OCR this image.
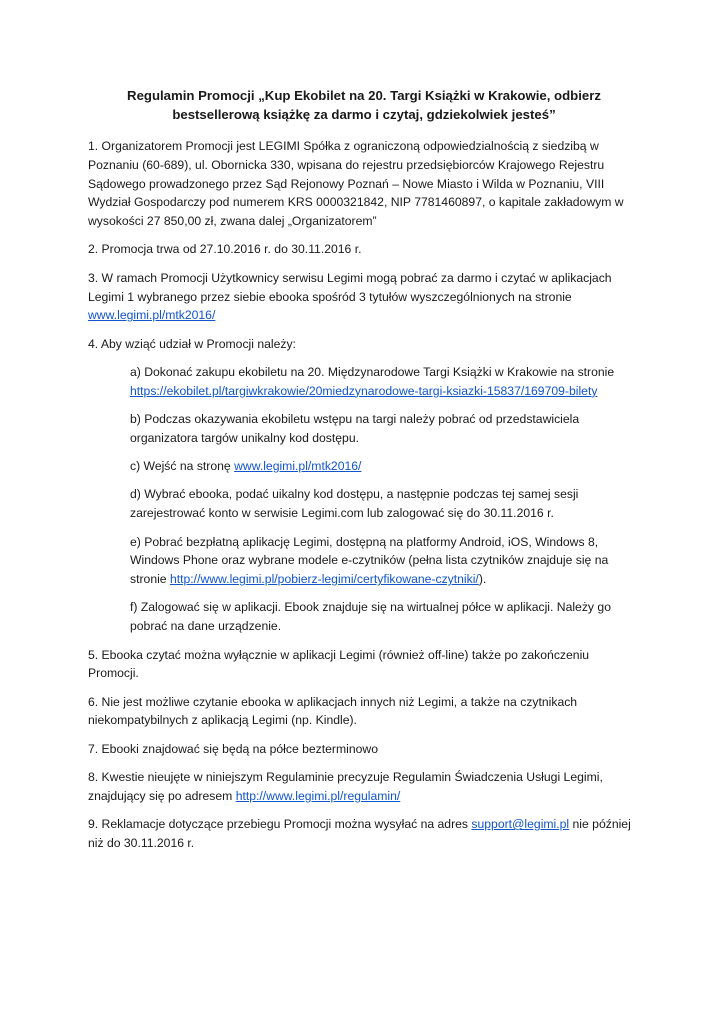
Regulamin Promocji „Kup Ekobilet na 20. Targi Książki w Krakowie, odbierz bestsellerową książkę za darmo i czytaj, gdziekolwiek jesteś”

1. Organizatorem Promocji jest LEGIMI Spółka z ograniczoną odpowiedzialnością z siedzibą w Poznaniu (60-689), ul. Obornicka 330, wpisana do rejestru przedsiębiorców Krajowego Rejestru Sądowego prowadzonego przez Sąd Rejonowy Poznań – Nowe Miasto i Wilda w Poznaniu, VIII Wydział Gospodarczy pod numerem KRS 0000321842, NIP 7781460897, o kapitale zakładowym w wysokości 27 850,00 zł, zwana dalej „Organizatorem”

2. Promocja trwa od 27.10.2016 r. do 30.11.2016 r.

3. W ramach Promocji Użytkownicy serwisu Legimi mogą pobrać za darmo i czytać w aplikacjach Legimi 1 wybranego przez siebie ebooka spośród 3 tytułów wyszczególnionych na stronie www.legimi.pl/mtk2016/

4. Aby wziąć udział w Promocji należy:

a) Dokonać zakupu ekobiletu na 20. Międzynarodowe Targi Książki w Krakowie na stronie https://ekobilet.pl/targiwkrakowie/20miedzynarodowe-targi-ksiazki-15837/169709-bilety

b) Podczas okazywania ekobiletu wstępu na targi należy pobrać od przedstawiciela organizatora targów unikalny kod dostępu.

c) Wejść na stronę www.legimi.pl/mtk2016/

d) Wybrać ebooka, podać uikalny kod dostępu, a następnie podczas tej samej sesji zarejestrować konto w serwisie Legimi.com lub zalogować się do 30.11.2016 r.

e) Pobrać bezpłatną aplikację Legimi, dostępną na platformy Android, iOS, Windows 8, Windows Phone oraz wybrane modele e-czytników (pełna lista czytników znajduje się na stronie http://www.legimi.pl/pobierz-legimi/certyfikowane-czytniki/).

f) Zalogować się w aplikacji. Ebook znajduje się na wirtualnej półce w aplikacji. Należy go pobrać na dane urządzenie.

5. Ebooka czytać można wyłącznie w aplikacji Legimi (również off-line) także po zakończeniu Promocji.

6. Nie jest możliwe czytanie ebooka w aplikacjach innych niż Legimi, a także na czytnikach niekompatybilnych z aplikacją Legimi (np. Kindle).

7. Ebooki znajdować się będą na półce bezterminowo

8. Kwestie nieujęte w niniejszym Regulaminie precyzuje Regulamin Świadczenia Usługi Legimi, znajdujący się po adresem http://www.legimi.pl/regulamin/

9. Reklamacje dotyczące przebiegu Promocji można wysyłać na adres support@legimi.pl nie później niż do 30.11.2016 r.
